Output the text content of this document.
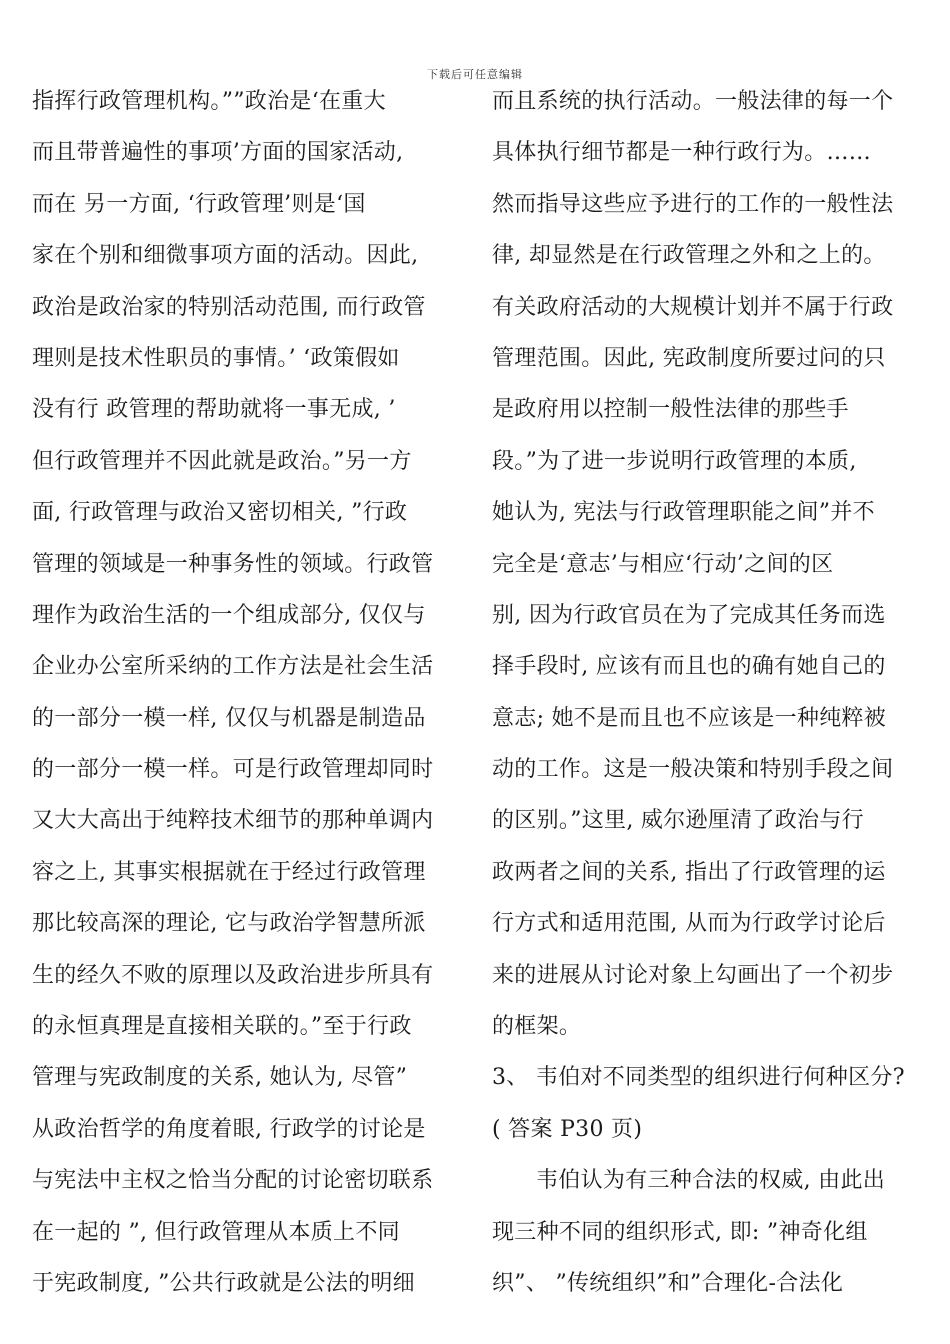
下载后可任意编辑
指挥行政管理机构。””政治是‘在重大
而且带普遍性的事项’方面的国家活动,
而在 另一方面, ‘行政管理’则是‘国
家在个别和细微事项方面的活动。因此,
政治是政治家的特别活动范围, 而行政管
理则是技术性职员的事情。’ ‘政策假如
没有行 政管理的帮助就将一事无成, ’
但行政管理并不因此就是政治。”另一方
面, 行政管理与政治又密切相关, ”行政
管理的领域是一种事务性的领域。行政管
理作为政治生活的一个组成部分, 仅仅与
企业办公室所采纳的工作方法是社会生活
的一部分一模一样, 仅仅与机器是制造品
的一部分一模一样。可是行政管理却同时
又大大高出于纯粹技术细节的那种单调内
容之上, 其事实根据就在于经过行政管理
那比较高深的理论, 它与政治学智慧所派
生的经久不败的原理以及政治进步所具有
的永恒真理是直接相关联的。”至于行政
管理与宪政制度的关系, 她认为, 尽管”
从政治哲学的角度着眼, 行政学的讨论是
与宪法中主权之恰当分配的讨论密切联系
在一起的 ”, 但行政管理从本质上不同
于宪政制度, ”公共行政就是公法的明细
而且系统的执行活动。一般法律的每一个
具体执行细节都是一种行政行为。……
然而指导这些应予进行的工作的一般性法
律, 却显然是在行政管理之外和之上的。
有关政府活动的大规模计划并不属于行政
管理范围。因此, 宪政制度所要过问的只
是政府用以控制一般性法律的那些手
段。”为了进一步说明行政管理的本质,
她认为, 宪法与行政管理职能之间”并不
完全是‘意志’与相应‘行动’之间的区
别, 因为行政官员在为了完成其任务而选
择手段时, 应该有而且也的确有她自己的
意志; 她不是而且也不应该是一种纯粹被
动的工作。这是一般决策和特别手段之间
的区别。”这里, 威尔逊厘清了政治与行
政两者之间的关系, 指出了行政管理的运
行方式和适用范围, 从而为行政学讨论后
来的进展从讨论对象上勾画出了一个初步
的框架。
3、 韦伯对不同类型的组织进行何种区分?
( 答案 P30 页)
韦伯认为有三种合法的权威, 由此出
现三种不同的组织形式, 即: ”神奇化组
织”、 ”传统组织”和”合理化-合法化
